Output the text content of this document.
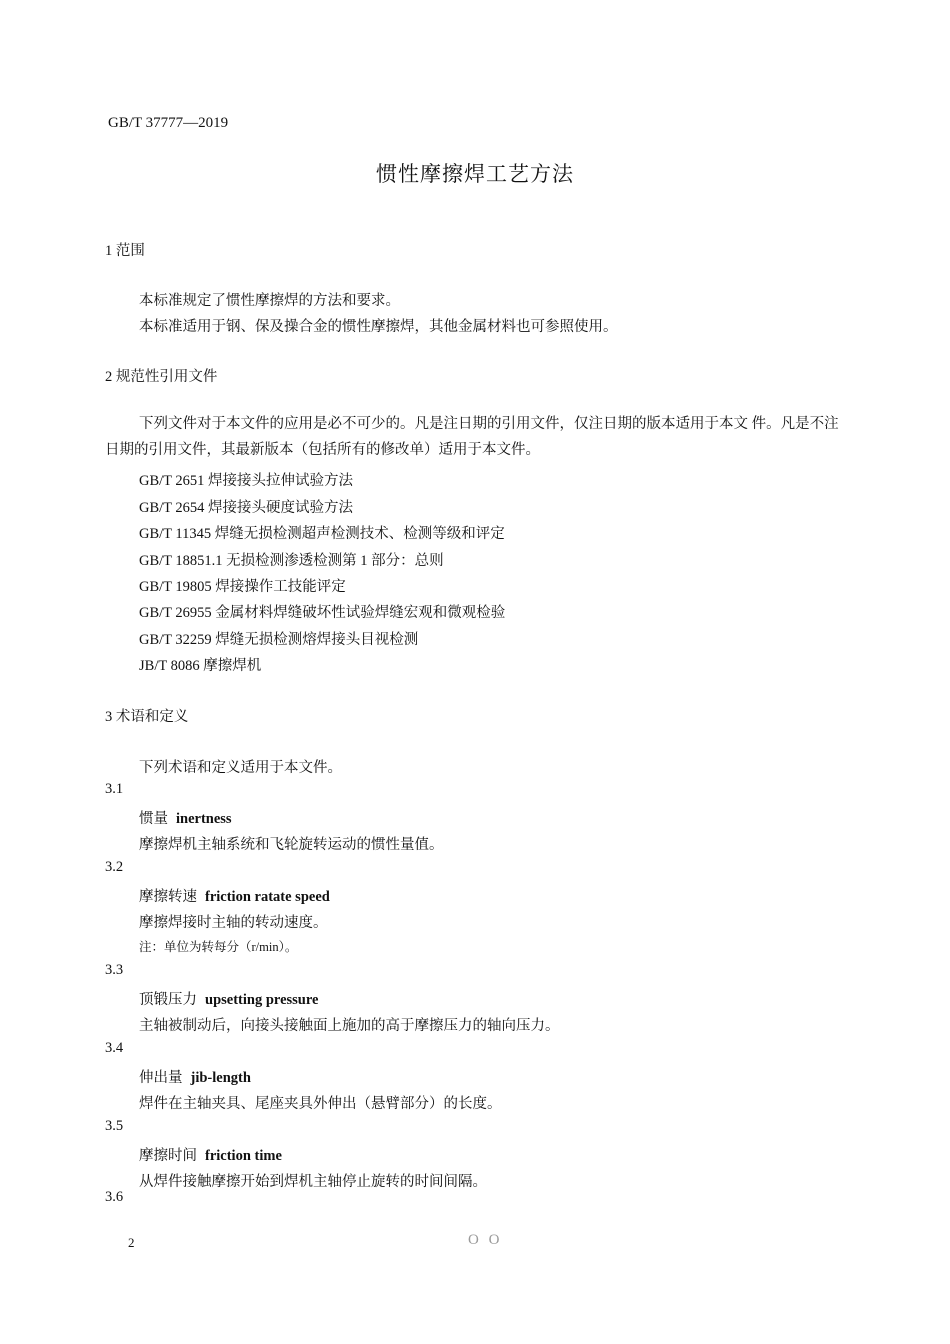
GB/T 37777—2019
惯性摩擦焊工艺方法
1 范围
本标准规定了惯性摩擦焊的方法和要求。
本标准适用于钢、保及操合金的惯性摩擦焊，其他金属材料也可参照使用。
2 规范性引用文件
下列文件对于本文件的应用是必不可少的。凡是注日期的引用文件，仅注日期的版本适用于本文 件。凡是不注日期的引用文件，其最新版本（包括所有的修改单）适用于本文件。
GB/T 2651 焊接接头拉伸试验方法
GB/T 2654 焊接接头硬度试验方法
GB/T 11345 焊缝无损检测超声检测技术、检测等级和评定
GB/T 18851.1 无损检测渗透检测第 1 部分：总则
GB/T 19805 焊接操作工技能评定
GB/T 26955 金属材料焊缝破坏性试验焊缝宏观和微观检验
GB/T 32259 焊缝无损检测熔焊接头目视检测
JB/T 8086 摩擦焊机
3 术语和定义
下列术语和定义适用于本文件。
3.1
惯量 inertness
摩擦焊机主轴系统和飞轮旋转运动的惯性量值。
3.2
摩擦转速 friction ratate speed
摩擦焊接时主轴的转动速度。
注：单位为转每分（r/min）。
3.3
顶锻压力 upsetting pressure
主轴被制动后，向接头接触面上施加的高于摩擦压力的轴向压力。
3.4
伸出量 jib-length
焊件在主轴夹具、尾座夹具外伸出（悬臂部分）的长度。
3.5
摩擦时间 friction time
从焊件接触摩擦开始到焊机主轴停止旋转的时间间隔。
3.6
2	O O
